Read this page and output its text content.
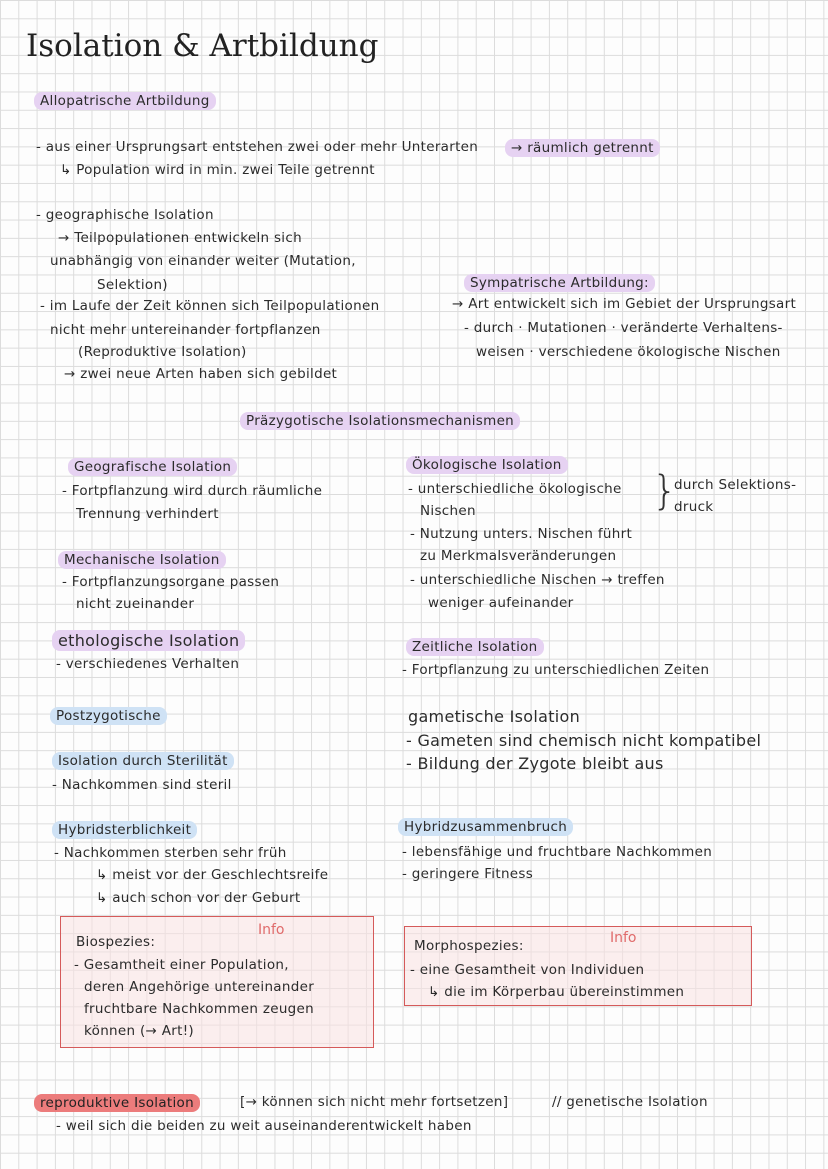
Isolation & Artbildung
Allopatrische Artbildung
- aus einer Ursprungsart entstehen zwei oder mehr Unterarten	→ räumlich getrennt
↳ Population wird in min. zwei Teile getrennt
- geographische Isolation
→ Teilpopulationen entwickeln sich
unabhängig von einander weiter (Mutation,
Selektion)
- im Laufe der Zeit können sich Teilpopulationen
nicht mehr untereinander fortpflanzen
(Reproduktive Isolation)
→ zwei neue Arten haben sich gebildet
Sympatrische Artbildung:
→ Art entwickelt sich im Gebiet der Ursprungsart
- durch · Mutationen · veränderte Verhaltens-
weisen · verschiedene ökologische Nischen
Präzygotische Isolationsmechanismen
Geografische Isolation
- Fortpflanzung wird durch räumliche
Trennung verhindert
Mechanische Isolation
- Fortpflanzungsorgane passen
nicht zueinander
ethologische Isolation
- verschiedenes Verhalten
Ökologische Isolation
- unterschiedliche ökologische
Nischen	}
durch Selektions-
druck
- Nutzung unters. Nischen führt
zu Merkmalsveränderungen
- unterschiedliche Nischen → treffen
weniger aufeinander
Zeitliche Isolation
- Fortpflanzung zu unterschiedlichen Zeiten
gametische Isolation
- Gameten sind chemisch nicht kompatibel
- Bildung der Zygote bleibt aus
Postzygotische
Isolation durch Sterilität
- Nachkommen sind steril
Hybridsterblichkeit
- Nachkommen sterben sehr früh
↳ meist vor der Geschlechtsreife
↳ auch schon vor der Geburt
Hybridzusammenbruch
- lebensfähige und fruchtbare Nachkommen
- geringere Fitness
Info
Biospezies:
- Gesamtheit einer Population,
deren Angehörige untereinander
fruchtbare Nachkommen zeugen
können (→ Art!)
Info
Morphospezies:
- eine Gesamtheit von Individuen
↳ die im Körperbau übereinstimmen
reproduktive Isolation	[→ können sich nicht mehr fortsetzen]	// genetische Isolation
- weil sich die beiden zu weit auseinanderentwickelt haben
